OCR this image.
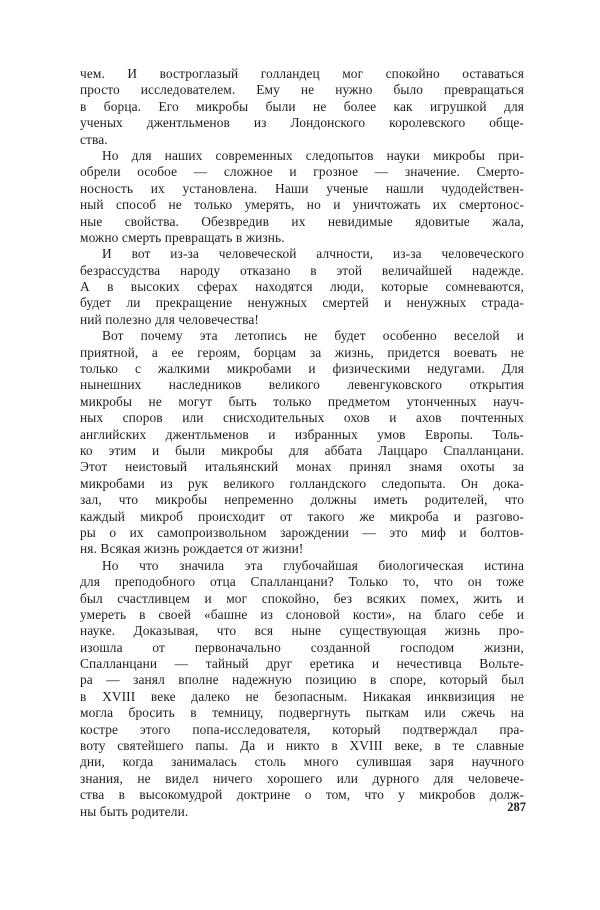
чем. И востроглазый голландец мог спокойно оставаться
просто исследователем. Ему не нужно было превращаться
в борца. Его микробы были не более как игрушкой для
ученых джентльменов из Лондонского королевского обще-
ства.
Но для наших современных следопытов науки микробы при-
обрели особое — сложное и грозное — значение. Смерто-
носность их установлена. Наши ученые нашли чудодействен-
ный способ не только умерять, но и уничтожать их смертонос-
ные свойства. Обезвредив их невидимые ядовитые жала,
можно смерть превращать в жизнь.
И вот из-за человеческой алчности, из-за человеческого
безрассудства народу отказано в этой величайшей надежде.
А в высоких сферах находятся люди, которые сомневаются,
будет ли прекращение ненужных смертей и ненужных страда-
ний полезно для человечества!
Вот почему эта летопись не будет особенно веселой и
приятной, а ее героям, борцам за жизнь, придется воевать не
только с жалкими микробами и физическими недугами. Для
нынешних наследников великого левенгуковского открытия
микробы не могут быть только предметом утонченных науч-
ных споров или снисходительных охов и ахов почтенных
английских джентльменов и избранных умов Европы. Толь-
ко этим и были микробы для аббата Лаццаро Спалланцани.
Этот неистовый итальянский монах принял знамя охоты за
микробами из рук великого голландского следопыта. Он дока-
зал, что микробы непременно должны иметь родителей, что
каждый микроб происходит от такого же микроба и разгово-
ры о их самопроизвольном зарождении — это миф и болтов-
ня. Всякая жизнь рождается от жизни!
Но что значила эта глубочайшая биологическая истина
для преподобного отца Спалланцани? Только то, что он тоже
был счастливцем и мог спокойно, без всяких помех, жить и
умереть в своей «башне из слоновой кости», на благо себе и
науке. Доказывая, что вся ныне существующая жизнь про-
изошла от первоначально созданной господом жизни,
Спалланцани — тайный друг еретика и нечестивца Вольте-
ра — занял вполне надежную позицию в споре, который был
в XVIII веке далеко не безопасным. Никакая инквизиция не
могла бросить в темницу, подвергнуть пыткам или сжечь на
костре этого попа-исследователя, который подтверждал пра-
воту святейшего папы. Да и никто в XVIII веке, в те славные
дни, когда занималась столь много сулившая заря научного
знания, не видел ничего хорошего или дурного для человече-
ства в высокомудрой доктрине о том, что у микробов долж-
ны быть родители.	287
